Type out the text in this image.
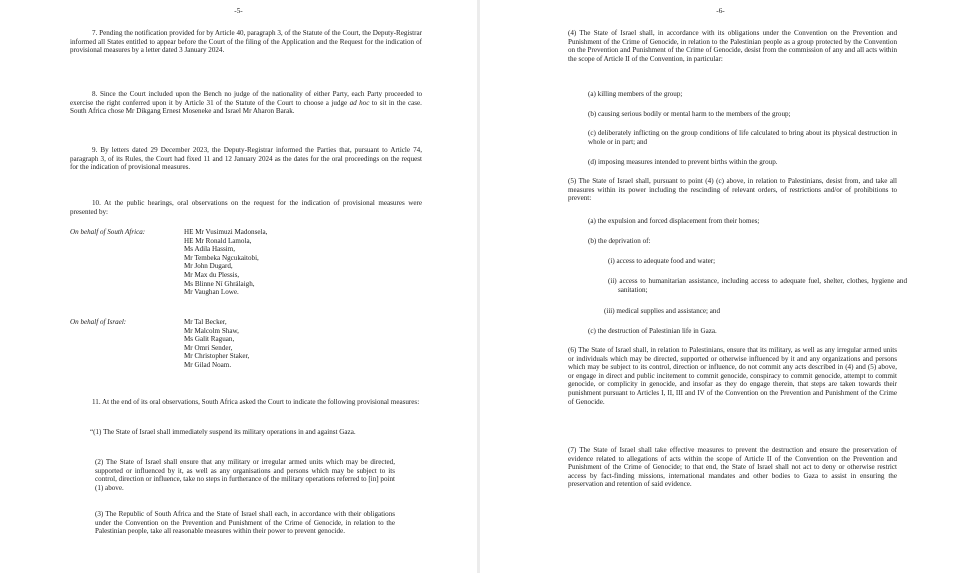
-5-

7. Pending the notification provided for by Article 40, paragraph 3, of the Statute of the Court, the Deputy-Registrar informed all States entitled to appear before the Court of the filing of the Application and the Request for the indication of provisional measures by a letter dated 3 January 2024.

8. Since the Court included upon the Bench no judge of the nationality of either Party, each Party proceeded to exercise the right conferred upon it by Article 31 of the Statute of the Court to choose a judge ad hoc to sit in the case. South Africa chose Mr Dikgang Ernest Moseneke and Israel Mr Aharon Barak.

9. By letters dated 29 December 2023, the Deputy-Registrar informed the Parties that, pursuant to Article 74, paragraph 3, of its Rules, the Court had fixed 11 and 12 January 2024 as the dates for the oral proceedings on the request for the indication of provisional measures.

10. At the public hearings, oral observations on the request for the indication of provisional measures were presented by:

On behalf of South Africa:	HE Mr Vusimuzi Madonsela,
HE Mr Ronald Lamola,
Ms Adila Hassim,
Mr Tembeka Ngcukaitobi,
Mr John Dugard,
Mr Max du Plessis,
Ms Blinne Ní Ghrálaigh,
Mr Vaughan Lowe.
On behalf of Israel:	Mr Tal Becker,
Mr Malcolm Shaw,
Ms Galit Raguan,
Mr Omri Sender,
Mr Christopher Staker,
Mr Gilad Noam.

11. At the end of its oral observations, South Africa asked the Court to indicate the following provisional measures:

“(1) The State of Israel shall immediately suspend its military operations in and against Gaza.

(2) The State of Israel shall ensure that any military or irregular armed units which may be directed, supported or influenced by it, as well as any organisations and persons which may be subject to its control, direction or influence, take no steps in furtherance of the military operations referred to [in] point (1) above.

(3) The Republic of South Africa and the State of Israel shall each, in accordance with their obligations under the Convention on the Prevention and Punishment of the Crime of Genocide, in relation to the Palestinian people, take all reasonable measures within their power to prevent genocide.

-6-

(4) The State of Israel shall, in accordance with its obligations under the Convention on the Prevention and Punishment of the Crime of Genocide, in relation to the Palestinian people as a group protected by the Convention on the Prevention and Punishment of the Crime of Genocide, desist from the commission of any and all acts within the scope of Article II of the Convention, in particular:

(a) killing members of the group;
(b) causing serious bodily or mental harm to the members of the group;
(c) deliberately inflicting on the group conditions of life calculated to bring about its physical destruction in whole or in part; and
(d) imposing measures intended to prevent births within the group.

(5) The State of Israel shall, pursuant to point (4) (c) above, in relation to Palestinians, desist from, and take all measures within its power including the rescinding of relevant orders, of restrictions and/or of prohibitions to prevent:

(a) the expulsion and forced displacement from their homes;
(b) the deprivation of:
(i) access to adequate food and water;
(ii) access to humanitarian assistance, including access to adequate fuel, shelter, clothes, hygiene and sanitation;
(iii) medical supplies and assistance; and
(c) the destruction of Palestinian life in Gaza.

(6) The State of Israel shall, in relation to Palestinians, ensure that its military, as well as any irregular armed units or individuals which may be directed, supported or otherwise influenced by it and any organizations and persons which may be subject to its control, direction or influence, do not commit any acts described in (4) and (5) above, or engage in direct and public incitement to commit genocide, conspiracy to commit genocide, attempt to commit genocide, or complicity in genocide, and insofar as they do engage therein, that steps are taken towards their punishment pursuant to Articles I, II, III and IV of the Convention on the Prevention and Punishment of the Crime of Genocide.

(7) The State of Israel shall take effective measures to prevent the destruction and ensure the preservation of evidence related to allegations of acts within the scope of Article II of the Convention on the Prevention and Punishment of the Crime of Genocide; to that end, the State of Israel shall not act to deny or otherwise restrict access by fact-finding missions, international mandates and other bodies to Gaza to assist in ensuring the preservation and retention of said evidence.
